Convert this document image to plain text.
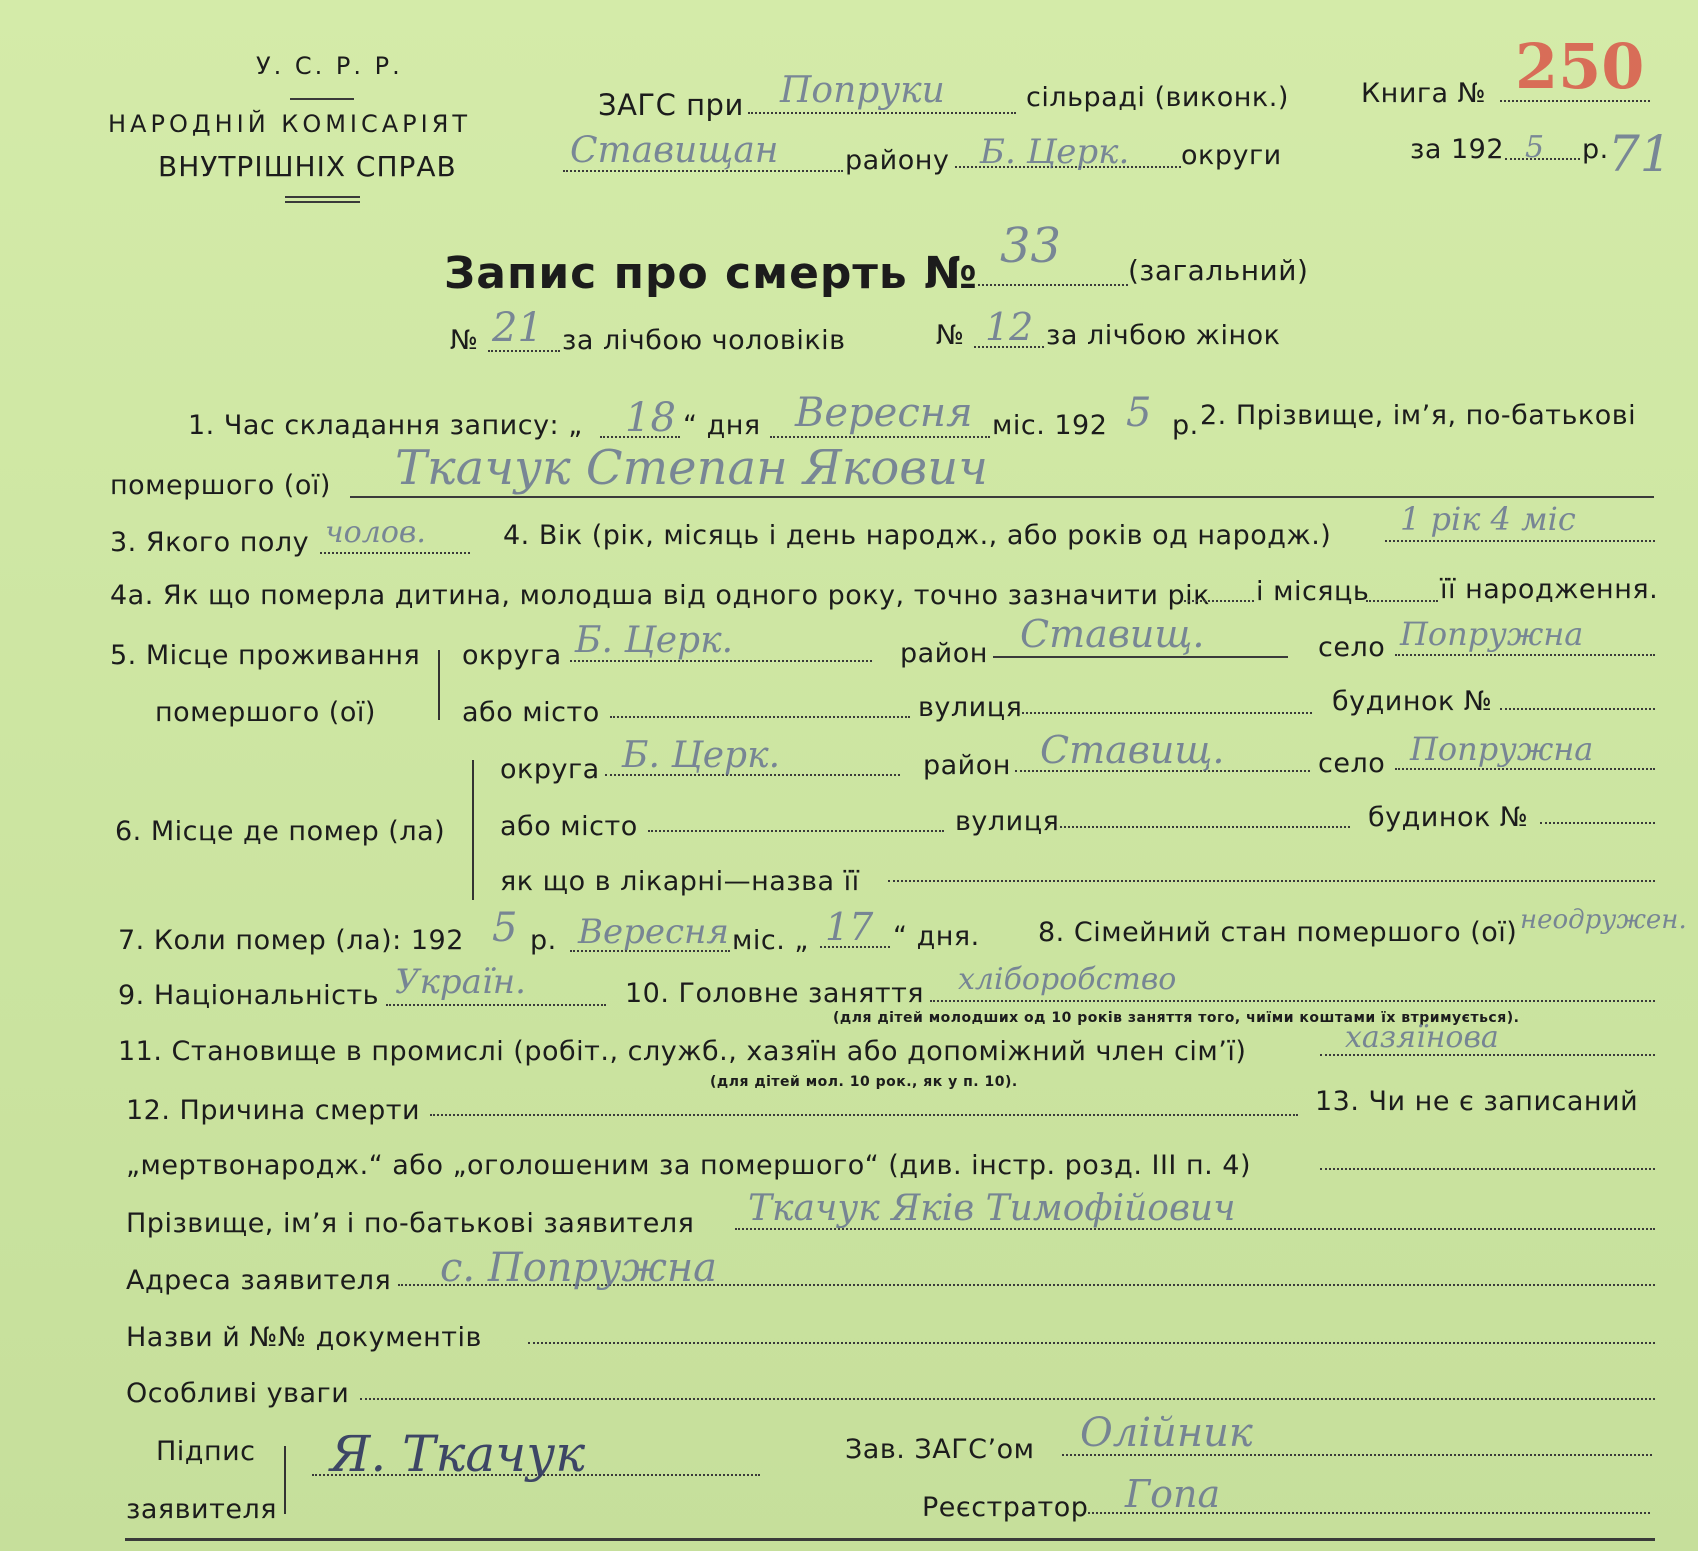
У. С. Р. Р.
НАРОДНІЙ КОМІСАРІЯТ
ВНУТРІШНІХ СПРАВ
ЗАГС при Попруки	сільраді (виконк.)	Книга № 250
Ставищан району Б. Церк. округи	за 192 5 р. 71
Запис про смерть № 33 (загальний)
№ 21 за лічбою чоловіків	№ 12 за лічбою жінок
1. Час складання запису: „ 18 “ дня Вересня міс. 192 5 р. 2. Прізвище, ім’я, по-батькові
помершого (ої) Ткачук Степан Якович
3. Якого полу чолов.	4. Вік (рік, місяць і день народж., або років од народж.) 1 рік 4 міс
4а. Як що померла дитина, молодша від одного року, точно зазначити рік і місяць	її народження.
5. Місце проживання
помершого (ої)
округа Б. Церк.	район Ставищ.	село Попружна
або місто	вулиця	будинок №
6. Місце де помер (ла)
округа Б. Церк.	район Ставищ.	село Попружна
або місто	вулиця	будинок №
як що в лікарні—назва її
7. Коли помер (ла): 192 5 р. Вересня міс. „ 17 “ дня. 8. Сімейний стан помершого (ої) неодружен.
9. Національність Україн.	10. Головне заняття хліборобство
(для дітей молодших од 10 років заняття того, чиїми коштами їх втримується).
11. Становище в промислі (робіт., служб., хазяїн або допоміжний член сім’ї)	хазяїнова
(для дітей мол. 10 рок., як у п. 10).
12. Причина смерти	13. Чи не є записаний
„мертвонародж.“ або „оголошеним за помершого“ (див. інстр. розд. III п. 4)
Прізвище, ім’я і по-батькові заявителя Ткачук Яків Тимофійович
Адреса заявителя с. Попружна
Назви й №№ документів
Особливі уваги
Підпис
заявителя
Я. Ткачук	Зав. ЗАГС’ом Олійник
Реєстратор Гопа
